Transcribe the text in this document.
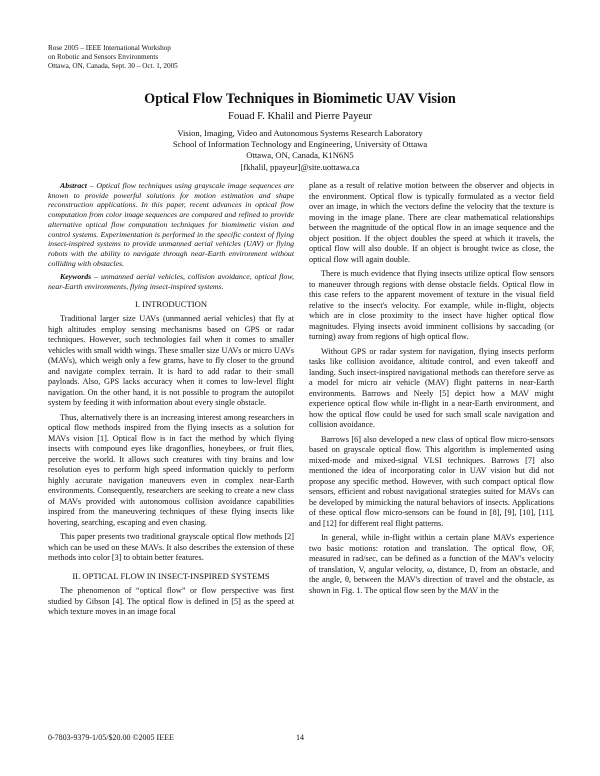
Rose 2005 – IEEE International Workshop
on Robotic and Sensors Environments
Ottawa, ON, Canada, Sept. 30 – Oct. 1, 2005
Optical Flow Techniques in Biomimetic UAV Vision
Fouad F. Khalil and Pierre Payeur
Vision, Imaging, Video and Autonomous Systems Research Laboratory
School of Information Technology and Engineering, University of Ottawa
Ottawa, ON, Canada, K1N6N5
[fkhalil, ppayeur]@site.uottawa.ca

Abstract – Optical flow techniques using grayscale image sequences are known to provide powerful solutions for motion estimation and shape reconstruction applications. In this paper, recent advances in optical flow computation from color image sequences are compared and refined to provide alternative optical flow computation techniques for biomimetic vision and control systems. Experimentation is performed in the specific context of flying insect-inspired systems to provide unmanned aerial vehicles (UAV) or flying robots with the ability to navigate through near-Earth environment without colliding with obstacles.

Keywords – unmanned aerial vehicles, collision avoidance, optical flow, near-Earth environments, flying insect-inspired systems.

I. INTRODUCTION

Traditional larger size UAVs (unmanned aerial vehicles) that fly at high altitudes employ sensing mechanisms based on GPS or radar techniques. However, such technologies fail when it comes to smaller vehicles with small width wings. These smaller size UAVs or micro UAVs (MAVs), which weigh only a few grams, have to fly closer to the ground and navigate complex terrain. It is hard to add radar to their small payloads. Also, GPS lacks accuracy when it comes to low-level flight navigation. On the other hand, it is not possible to program the autopilot system by feeding it with information about every single obstacle.

Thus, alternatively there is an increasing interest among researchers in optical flow methods inspired from the flying insects as a solution for MAVs vision [1]. Optical flow is in fact the method by which flying insects with compound eyes like dragonflies, honeybees, or fruit flies, perceive the world. It allows such creatures with tiny brains and low resolution eyes to perform high speed information quickly to perform highly accurate navigation maneuvers even in complex near-Earth environments. Consequently, researchers are seeking to create a new class of MAVs provided with autonomous collision avoidance capabilities inspired from the maneuvering techniques of these flying insects like hovering, searching, escaping and even chasing.

This paper presents two traditional grayscale optical flow methods [2] which can be used on these MAVs. It also describes the extension of these methods into color [3] to obtain better features.

II. OPTICAL FLOW IN INSECT-INSPIRED SYSTEMS

The phenomenon of “optical flow” or flow perspective was first studied by Gibson [4]. The optical flow is defined in [5] as the speed at which texture moves in an image focal

plane as a result of relative motion between the observer and objects in the environment. Optical flow is typically formulated as a vector field over an image, in which the vectors define the velocity that the texture is moving in the image plane. There are clear mathematical relationships between the magnitude of the optical flow in an image sequence and the object position. If the object doubles the speed at which it travels, the optical flow will also double. If an object is brought twice as close, the optical flow will again double.

There is much evidence that flying insects utilize optical flow sensors to maneuver through regions with dense obstacle fields. Optical flow in this case refers to the apparent movement of texture in the visual field relative to the insect's velocity. For example, while in-flight, objects which are in close proximity to the insect have higher optical flow magnitudes. Flying insects avoid imminent collisions by saccading (or turning) away from regions of high optical flow.

Without GPS or radar system for navigation, flying insects perform tasks like collision avoidance, altitude control, and even takeoff and landing. Such insect-inspired navigational methods can therefore serve as a model for micro air vehicle (MAV) flight patterns in near-Earth environments. Barrows and Neely [5] depict how a MAV might experience optical flow while in-flight in a near-Earth environment, and how the optical flow could be used for such small scale navigation and collision avoidance.

Barrows [6] also developed a new class of optical flow micro-sensors based on grayscale optical flow. This algorithm is implemented using mixed-mode and mixed-signal VLSI techniques. Barrows [7] also mentioned the idea of incorporating color in UAV vision but did not propose any specific method. However, with such compact optical flow sensors, efficient and robust navigational strategies suited for MAVs can be developed by mimicking the natural behaviors of insects. Applications of these optical flow micro-sensors can be found in [8], [9], [10], [11], and [12] for different real flight patterns.

In general, while in-flight within a certain plane MAVs experience two basic motions: rotation and translation. The optical flow, OF, measured in rad/sec, can be defined as a function of the MAV's velocity of translation, V, angular velocity, ω, distance, D, from an obstacle, and the angle, θ, between the MAV's direction of travel and the obstacle, as shown in Fig. 1. The optical flow seen by the MAV in the

0-7803-9379-1/05/$20.00 ©2005 IEEE	14
